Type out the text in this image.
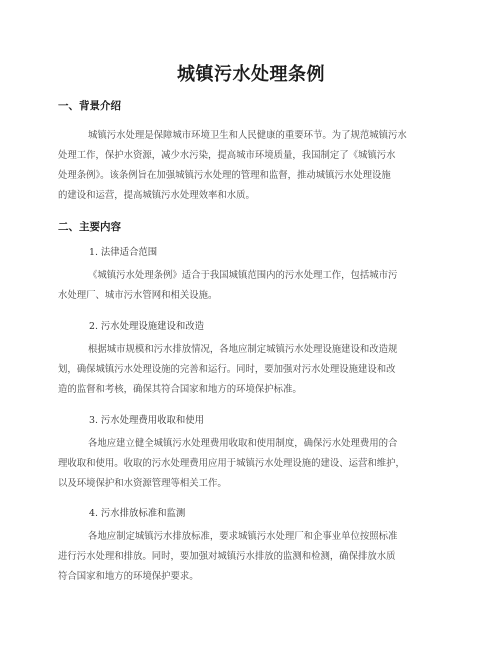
城镇污水处理条例
一、背景介绍
城镇污水处理是保障城市环境卫生和人民健康的重要环节。为了规范城镇污水
处理工作，保护水资源，减少水污染，提高城市环境质量，我国制定了《城镇污水
处理条例》。该条例旨在加强城镇污水处理的管理和监督，推动城镇污水处理设施
的建设和运营，提高城镇污水处理效率和水质。
二、主要内容
1. 法律适合范围
《城镇污水处理条例》适合于我国城镇范围内的污水处理工作，包括城市污
水处理厂、城市污水管网和相关设施。
2. 污水处理设施建设和改造
根据城市规模和污水排放情况，各地应制定城镇污水处理设施建设和改造规
划，确保城镇污水处理设施的完善和运行。同时，要加强对污水处理设施建设和改
造的监督和考核，确保其符合国家和地方的环境保护标准。
3. 污水处理费用收取和使用
各地应建立健全城镇污水处理费用收取和使用制度，确保污水处理费用的合
理收取和使用。收取的污水处理费用应用于城镇污水处理设施的建设、运营和维护，
以及环境保护和水资源管理等相关工作。
4. 污水排放标准和监测
各地应制定城镇污水排放标准，要求城镇污水处理厂和企事业单位按照标准
进行污水处理和排放。同时，要加强对城镇污水排放的监测和检测，确保排放水质
符合国家和地方的环境保护要求。
